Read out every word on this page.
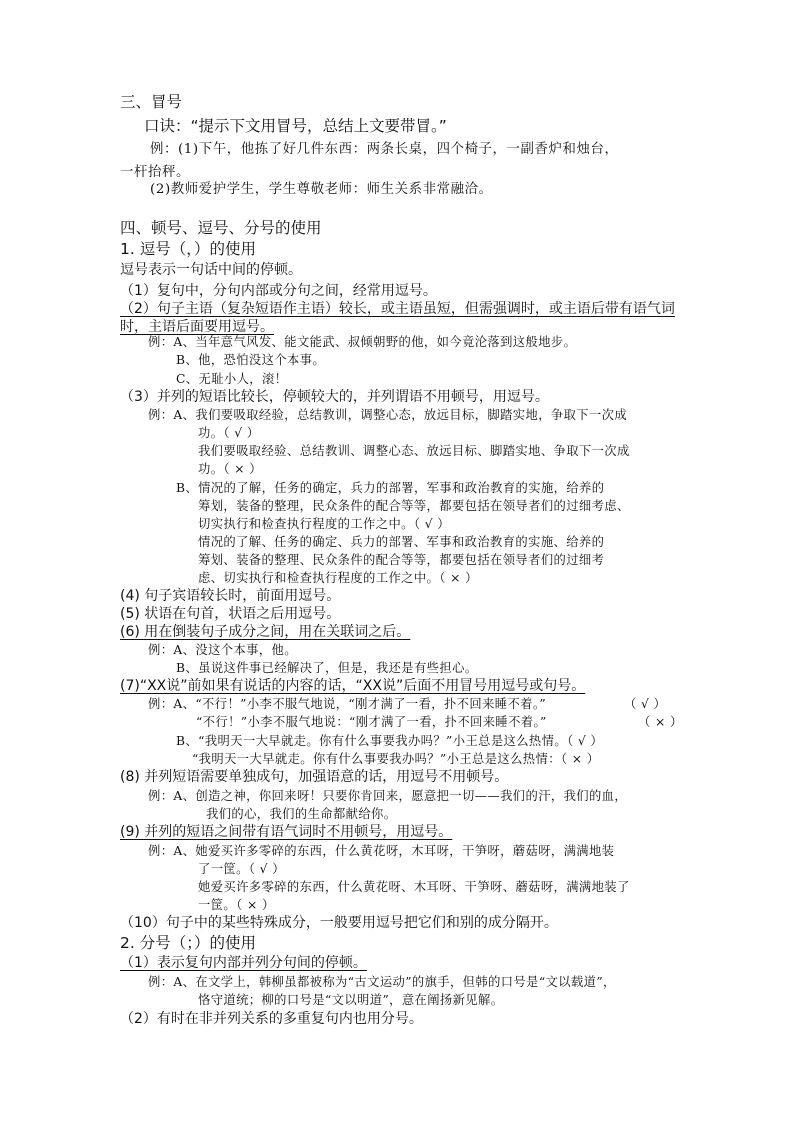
三、冒号
口诀：“提示下文用冒号，总结上文要带冒。”
例：(1)下午，他拣了好几件东西：两条长桌，四个椅子，一副香炉和烛台，
一杆抬秤。
(2)教师爱护学生，学生尊敬老师：师生关系非常融洽。
四、顿号、逗号、分号的使用
1. 逗号（，）的使用
逗号表示一句话中间的停顿。
（1）复句中，分句内部或分句之间，经常用逗号。
（2）句子主语（复杂短语作主语）较长，或主语虽短，但需强调时，或主语后带有语气词
时，主语后面要用逗号。
例：A、当年意气风发、能文能武、叔倾朝野的他，如今竟沦落到这般地步。
B、他，恐怕没这个本事。
C、无耻小人，滚！
（3）并列的短语比较长，停顿较大的，并列谓语不用顿号，用逗号。
例：A、我们要吸取经验，总结教训，调整心态，放远目标，脚踏实地，争取下一次成
功。（ √ ）
我们要吸取经验、总结教训、调整心态、放远目标、脚踏实地、争取下一次成
功。（ × ）
B、情况的了解，任务的确定，兵力的部署，军事和政治教育的实施，给养的
筹划，装备的整理，民众条件的配合等等，都要包括在领导者们的过细考虑、
切实执行和检查执行程度的工作之中。（ √ ）
情况的了解、任务的确定、兵力的部署、军事和政治教育的实施、给养的
筹划、装备的整理、民众条件的配合等等，都要包括在领导者们的过细考
虑、切实执行和检查执行程度的工作之中。（ × ）
(4) 句子宾语较长时，前面用逗号。
(5) 状语在句首，状语之后用逗号。
(6) 用在倒装句子成分之间，用在关联词之后。
例：A、没这个本事，他。
B、虽说这件事已经解决了，但是，我还是有些担心。
(7)“ⅩⅩ说”前如果有说话的内容的话，“ⅩⅩ说”后面不用冒号用逗号或句号。
例：A、“不行！”小李不服气地说，“刚才满了一看，扑不回来睡不着。”	（ √ ）
“不行！”小李不服气地说：“刚才满了一看，扑不回来睡不着。”	（ × ）
B、“我明天一大早就走。你有什么事要我办吗？”小王总是这么热情。（ √ ）
“我明天一大早就走。你有什么事要我办吗？”小王总是这么热情：（ × ）
(8) 并列短语需要单独成句，加强语意的话，用逗号不用顿号。
例：A、创造之神，你回来呀！只要你肯回来，愿意把一切——我们的汗，我们的血，
我们的心，我们的生命都献给你。
(9) 并列的短语之间带有语气词时不用顿号，用逗号。
例：A、她爱买许多零碎的东西，什么黄花呀，木耳呀，干笋呀，蘑菇呀，满满地装
了一筐。（ √ ）
她爱买许多零碎的东西，什么黄花呀、木耳呀、干笋呀、蘑菇呀，满满地装了
一筐。（ × ）
（10）句子中的某些特殊成分，一般要用逗号把它们和别的成分隔开。
2. 分号（；）的使用
（1）表示复句内部并列分句间的停顿。
例：A、在文学上，韩柳虽都被称为“古文运动”的旗手，但韩的口号是“文以载道”，
恪守道统；柳的口号是“文以明道”，意在阐扬新见解。
（2）有时在非并列关系的多重复句内也用分号。
